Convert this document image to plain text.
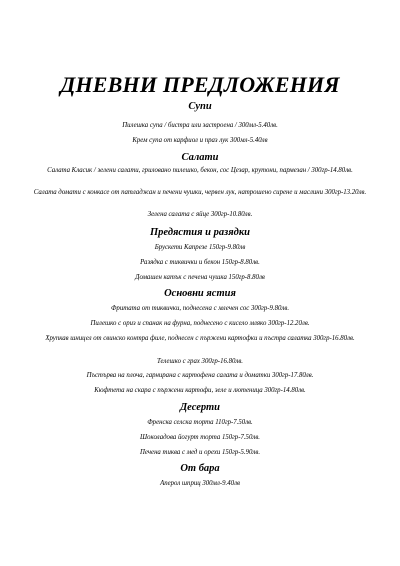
ДНЕВНИ ПРЕДЛОЖЕНИЯ
Супи
Пилешка супа / бистра или застроена / 300мл-5.40лв.
Крем супа от карфиол и праз лук 300мл-5.40лв
Салати
Салата Класик / зелени салати, грилoвано пилешко, бекон, сос Цезар, крутони, пармезан / 300гр-14.80лв.
Салата домати с конкасе от патладжан и печени чушки, червен лук, натрошено сирене и маслини 300гр-13.20лв.
Зелена салата с яйце 300гр-10.80лв.
Предястия и разядки
Брускети Капрезе 150гр-9.80лв
Разядка с тиквички и бекон 150гр-8.80лв.
Домашен катък с печена чушка 150гр-8.80лв
Основни ястия
Фритата от тиквички, поднесена с млечен сос 300гр-9.80лв.
Пилешко с ориз и спанак на фурна, поднесено с кисело мляко 300гр-12.20лв.
Хрупкав шницел от свинско контра филе, поднесен с пържени картофки и пъстра салатка 300гр-16.80лв.
Телешко с грах 300гр-16.80лв.
Пъстърва на плоча, гарнирана с картофена салата и доматки 300гр-17.80лв.
Кюфтета на скара с пържени картофи, зеле и лютеница 300гр-14.80лв.
Десерти
Френска селска торта 110гр-7.50лв.
Шоколадова йогурт торта 150гр-7.50лв.
Печена тиква с мед и орехи 150гр-5.90лв.
От бара
Аперол шприц 300мл-9.40лв
